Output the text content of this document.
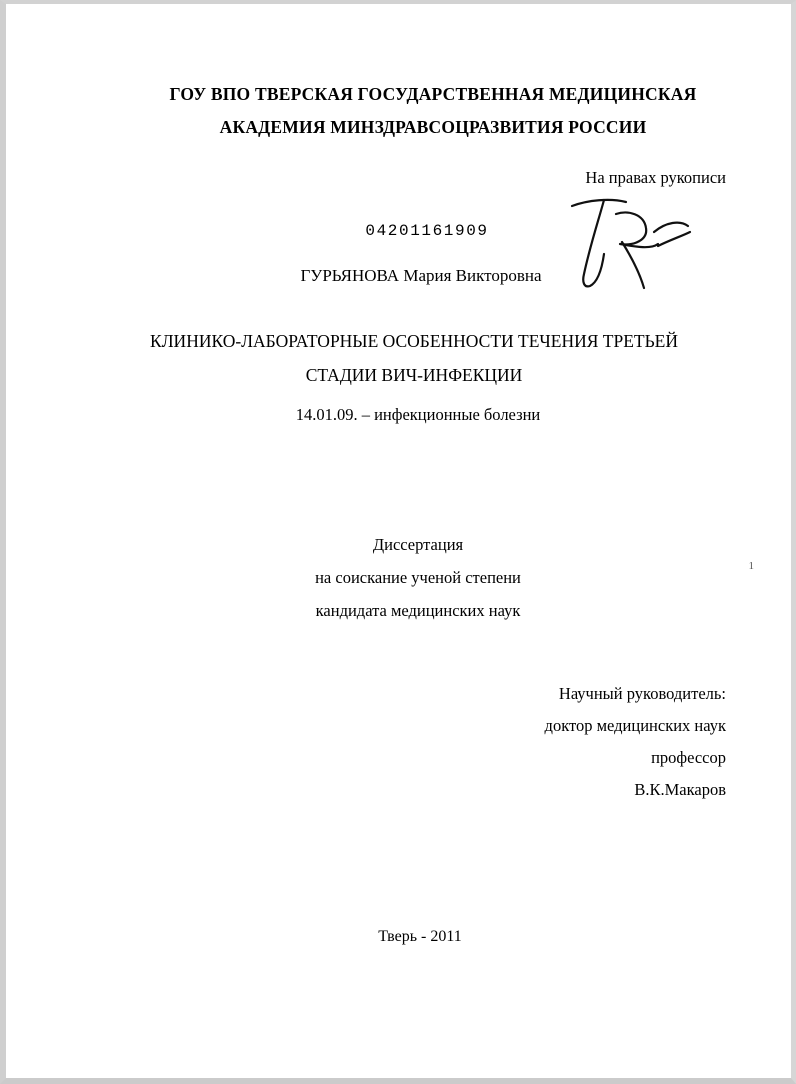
ГОУ ВПО ТВЕРСКАЯ ГОСУДАРСТВЕННАЯ МЕДИЦИНСКАЯ
АКАДЕМИЯ МИНЗДРАВСОЦРАЗВИТИЯ РОССИИ
На правах рукописи
04201161909
ГУРЬЯНОВА Мария Викторовна
КЛИНИКО-ЛАБОРАТОРНЫЕ ОСОБЕННОСТИ ТЕЧЕНИЯ ТРЕТЬЕЙ
СТАДИИ ВИЧ-ИНФЕКЦИИ
14.01.09. – инфекционные болезни
Диссертация
на соискание ученой степени
кандидата медицинских наук
Научный руководитель:
доктор медицинских наук
профессор
В.К.Макаров
Тверь - 2011
1
